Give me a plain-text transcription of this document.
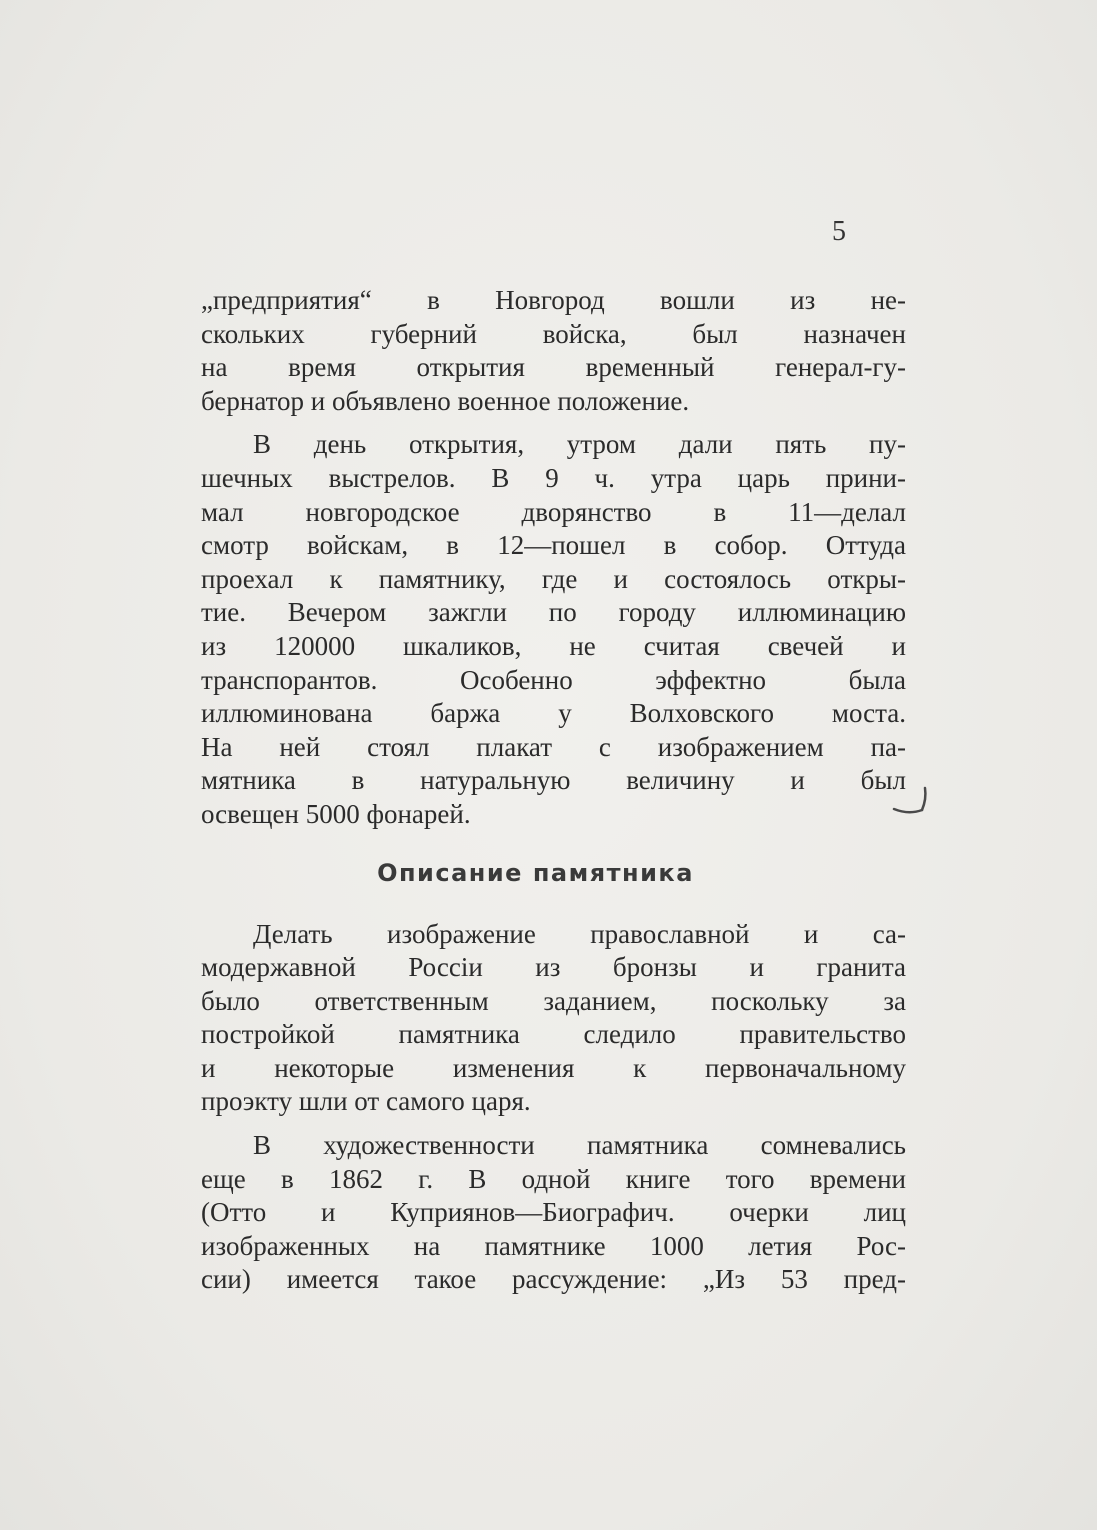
5
„предприятия“ в Новгород вошли из не-
скольких губерний войска, был назначен
на время открытия временный генерал-гу-
бернатор и объявлено военное положение.
В день открытия, утром дали пять пу-
шечных выстрелов. В 9 ч. утра царь прини-
мал новгородское дворянство в 11—делал
смотр войскам, в 12—пошел в собор. Оттуда
проехал к памятнику, где и состоялось откры-
тие. Вечером зажгли по городу иллюминацию
из 120000 шкаликов, не считая свечей и
транспорантов. Особенно эффектно была
иллюминована баржа у Волховского моста.
На ней стоял плакат с изображением па-
мятника в натуральную величину и был
освещен 5000 фонарей.
Описание памятника
Делать изображение православной и са-
модержавной Россіи из бронзы и гранита
было ответственным заданием, поскольку за
постройкой памятника следило правительство
и некоторые изменения к первоначальному
проэкту шли от самого царя.
В художественности памятника сомневались
еще в 1862 г. В одной книге того времени
(Отто и Куприянов—Биографич. очерки лиц
изображенных на памятнике 1000 летия Рос-
сии) имеется такое рассуждение: „Из 53 пред-
